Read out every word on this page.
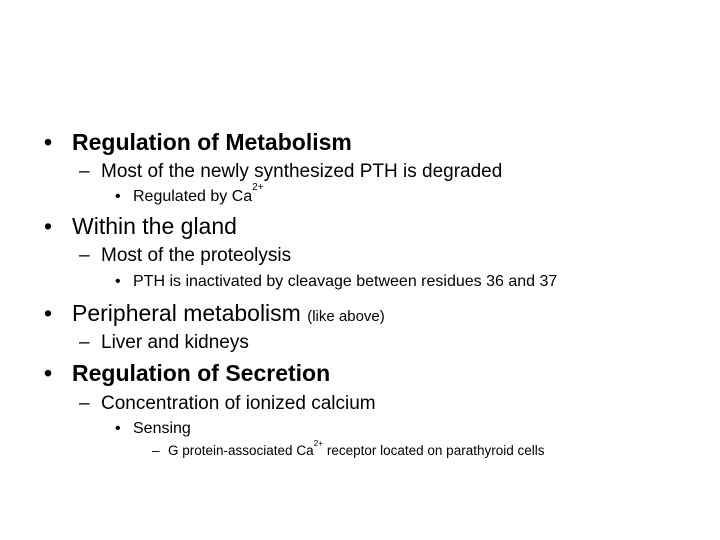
• Regulation of Metabolism
– Most of the newly synthesized PTH is degraded
• Regulated by $Ca^{2+}$
• Within the gland
– Most of the proteolysis
• PTH is inactivated by cleavage between residues 36 and 37
• Peripheral metabolism (like above)
– Liver and kidneys
• Regulation of Secretion
– Concentration of ionized calcium
• Sensing
– G protein-associated $Ca^{2+}$ receptor located on parathyroid cells
